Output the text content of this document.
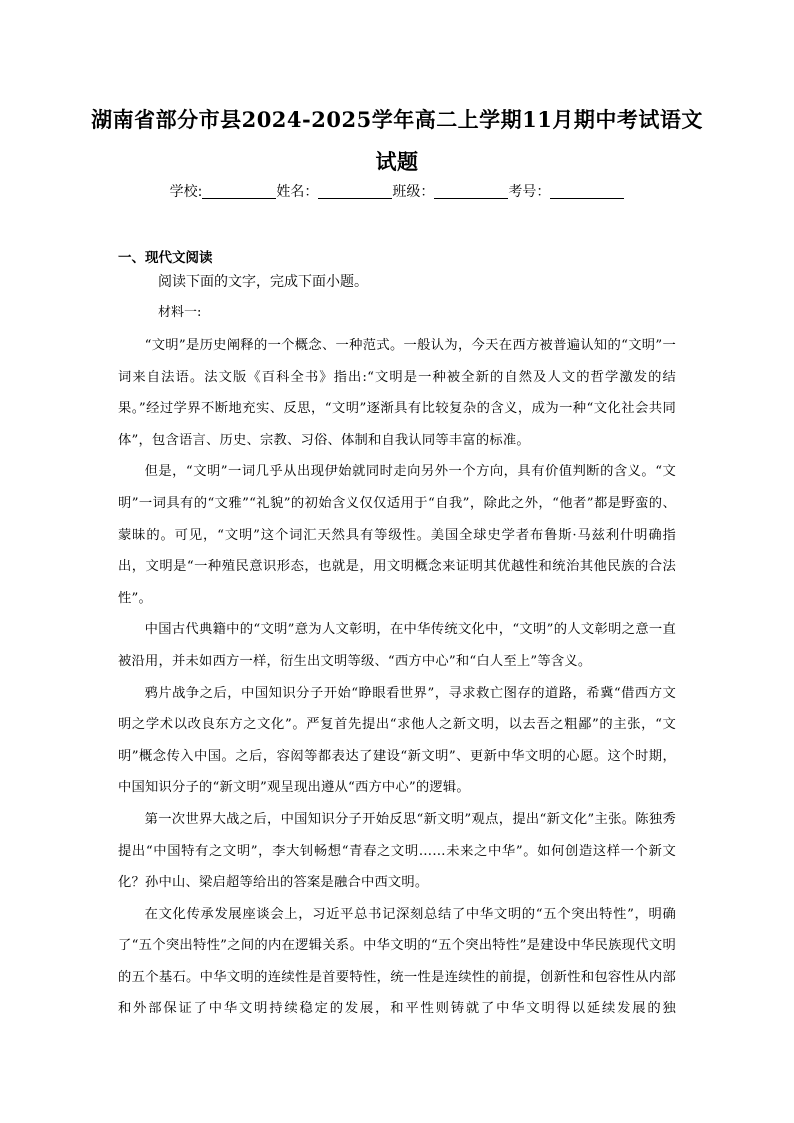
湖南省部分市县2024-2025学年高二上学期11月期中考试语文
试题
学校:	姓名：	班级：	考号：
一、现代文阅读
阅读下面的文字，完成下面小题。
材料一:

“文明”是历史阐释的一个概念、一种范式。一般认为，今天在西方被普遍认知的“文明”一词来自法语。法文版《百科全书》指出:“文明是一种被全新的自然及人文的哲学激发的结果。”经过学界不断地充实、反思，“文明”逐渐具有比较复杂的含义，成为一种“文化社会共同体”，包含语言、历史、宗教、习俗、体制和自我认同等丰富的标准。

但是，“文明”一词几乎从出现伊始就同时走向另外一个方向，具有价值判断的含义。“文明”一词具有的“文雅”“礼貌”的初始含义仅仅适用于“自我”，除此之外，“他者”都是野蛮的、蒙昧的。可见，“文明”这个词汇天然具有等级性。美国全球史学者布鲁斯·马兹利什明确指出，文明是“一种殖民意识形态，也就是，用文明概念来证明其优越性和统治其他民族的合法性”。

中国古代典籍中的“文明”意为人文彰明，在中华传统文化中，“文明”的人文彰明之意一直被沿用，并未如西方一样，衍生出文明等级、“西方中心”和“白人至上”等含义。

鸦片战争之后，中国知识分子开始“睁眼看世界”，寻求救亡图存的道路，希冀“借西方文明之学术以改良东方之文化”。严复首先提出“求他人之新文明，以去吾之粗鄙”的主张，“文明”概念传入中国。之后，容闳等都表达了建设“新文明”、更新中华文明的心愿。这个时期，中国知识分子的“新文明”观呈现出遵从“西方中心”的逻辑。

第一次世界大战之后，中国知识分子开始反思“新文明”观点，提出“新文化”主张。陈独秀提出“中国特有之文明”，李大钊畅想“青春之文明……未来之中华”。如何创造这样一个新文化？孙中山、梁启超等给出的答案是融合中西文明。

在文化传承发展座谈会上，习近平总书记深刻总结了中华文明的“五个突出特性”，明确了“五个突出特性”之间的内在逻辑关系。中华文明的“五个突出特性”是建设中华民族现代文明的五个基石。中华文明的连续性是首要特性，统一性是连续性的前提，创新性和包容性从内部和外部保证了中华文明持续稳定的发展，和平性则铸就了中华文明得以延续发展的独
